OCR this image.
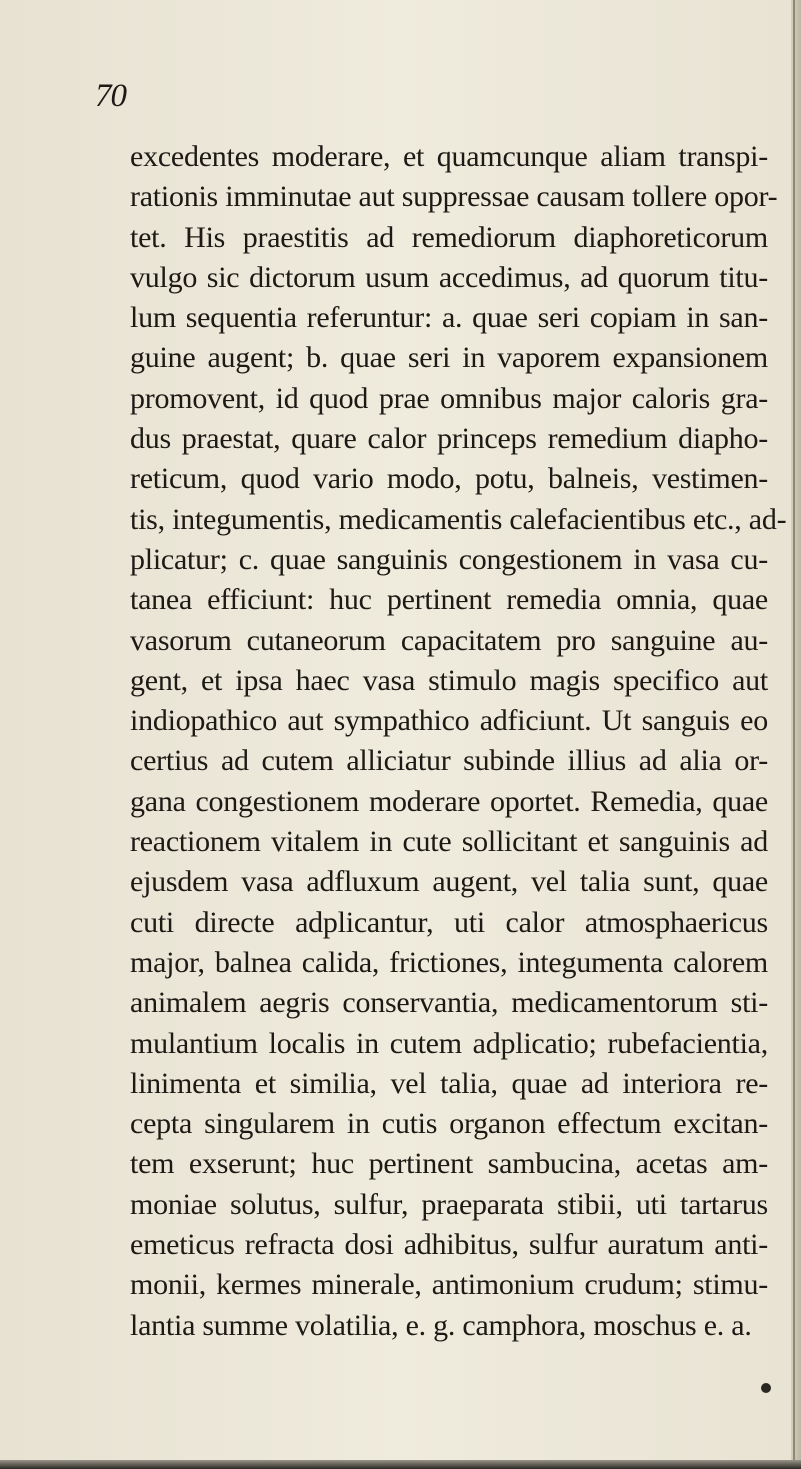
70
excedentes moderare, et quamcunque aliam transpi-
rationis imminutae aut suppressae causam tollere opor-
tet. His praestitis ad remediorum diaphoreticorum
vulgo sic dictorum usum accedimus, ad quorum titu-
lum sequentia referuntur: a. quae seri copiam in san-
guine augent; b. quae seri in vaporem expansionem
promovent, id quod prae omnibus major caloris gra-
dus praestat, quare calor princeps remedium diapho-
reticum, quod vario modo, potu, balneis, vestimen-
tis, integumentis, medicamentis calefacientibus etc., ad-
plicatur; c. quae sanguinis congestionem in vasa cu-
tanea efficiunt: huc pertinent remedia omnia, quae
vasorum cutaneorum capacitatem pro sanguine au-
gent, et ipsa haec vasa stimulo magis specifico aut
indiopathico aut sympathico adficiunt. Ut sanguis eo
certius ad cutem alliciatur subinde illius ad alia or-
gana congestionem moderare oportet. Remedia, quae
reactionem vitalem in cute sollicitant et sanguinis ad
ejusdem vasa adfluxum augent, vel talia sunt, quae
cuti directe adplicantur, uti calor atmosphaericus
major, balnea calida, frictiones, integumenta calorem
animalem aegris conservantia, medicamentorum sti-
mulantium localis in cutem adplicatio; rubefacientia,
linimenta et similia, vel talia, quae ad interiora re-
cepta singularem in cutis organon effectum excitan-
tem exserunt; huc pertinent sambucina, acetas am-
moniae solutus, sulfur, praeparata stibii, uti tartarus
emeticus refracta dosi adhibitus, sulfur auratum anti-
monii, kermes minerale, antimonium crudum; stimu-
lantia summe volatilia, e. g. camphora, moschus e. a.
